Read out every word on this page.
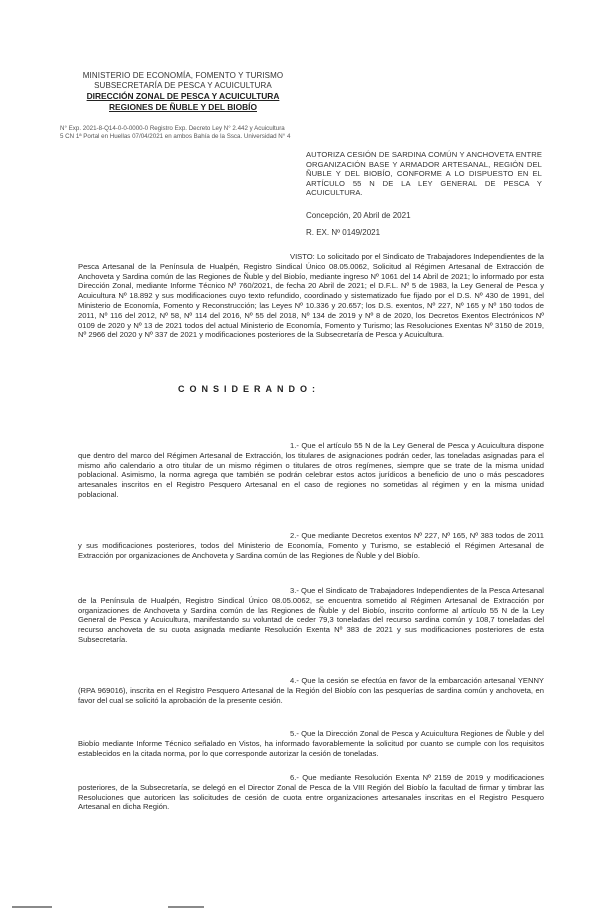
MINISTERIO DE ECONOMÍA, FOMENTO Y TURISMO
SUBSECRETARÍA DE PESCA Y ACUICULTURA
DIRECCIÓN ZONAL DE PESCA Y ACUICULTURA
REGIONES DE ÑUBLE Y DEL BIOBÍO
N° Exp. 2021-8-Q14-0-0-0000-0 Registro Exp. Decreto Ley N° 2.442 y Acuicultura
5 CN 1ª Portal en Huellas 07/04/2021 en ambos Bahía de la Ssca. Universidad N° 4
AUTORIZA CESIÓN DE SARDINA COMÚN Y ANCHOVETA ENTRE ORGANIZACIÓN BASE Y ARMADOR ARTESANAL, REGIÓN DEL ÑUBLE Y DEL BIOBÍO, CONFORME A LO DISPUESTO EN EL ARTÍCULO 55 N DE LA LEY GENERAL DE PESCA Y ACUICULTURA.
Concepción, 20 Abril de 2021
R. EX. Nº 0149/2021
VISTO: Lo solicitado por el Sindicato de Trabajadores Independientes de la Pesca Artesanal de la Península de Hualpén, Registro Sindical Único 08.05.0062, Solicitud al Régimen Artesanal de Extracción de Anchoveta y Sardina común de las Regiones de Ñuble y del Biobío, mediante ingreso Nº 1061 del 14 Abril de 2021; lo informado por esta Dirección Zonal, mediante Informe Técnico Nº 760/2021, de fecha 20 Abril de 2021; el D.F.L. Nº 5 de 1983, la Ley General de Pesca y Acuicultura Nº 18.892 y sus modificaciones cuyo texto refundido, coordinado y sistematizado fue fijado por el D.S. Nº 430 de 1991, del Ministerio de Economía, Fomento y Reconstrucción; las Leyes Nº 10.336 y 20.657; los D.S. exentos, Nº 227, Nº 165 y Nº 150 todos de 2011, Nº 116 del 2012, Nº 58, Nº 114 del 2016, Nº 55 del 2018, Nº 134 de 2019 y Nº 8 de 2020, los Decretos Exentos Electrónicos Nº 0109 de 2020 y Nº 13 de 2021 todos del actual Ministerio de Economía, Fomento y Turismo; las Resoluciones Exentas Nº 3150 de 2019, Nº 2966 del 2020 y Nº 337 de 2021 y modificaciones posteriores de la Subsecretaría de Pesca y Acuicultura.
CONSIDERANDO:
1.- Que el artículo 55 N de la Ley General de Pesca y Acuicultura dispone que dentro del marco del Régimen Artesanal de Extracción, los titulares de asignaciones podrán ceder, las toneladas asignadas para el mismo año calendario a otro titular de un mismo régimen o titulares de otros regímenes, siempre que se trate de la misma unidad poblacional. Asimismo, la norma agrega que también se podrán celebrar estos actos jurídicos a beneficio de uno o más pescadores artesanales inscritos en el Registro Pesquero Artesanal en el caso de regiones no sometidas al régimen y en la misma unidad poblacional.
2.- Que mediante Decretos exentos Nº 227, Nº 165, Nº 383 todos de 2011 y sus modificaciones posteriores, todos del Ministerio de Economía, Fomento y Turismo, se estableció el Régimen Artesanal de Extracción por organizaciones de Anchoveta y Sardina común de las Regiones de Ñuble y del Biobío.
3.- Que el Sindicato de Trabajadores Independientes de la Pesca Artesanal de la Península de Hualpén, Registro Sindical Único 08.05.0062, se encuentra sometido al Régimen Artesanal de Extracción por organizaciones de Anchoveta y Sardina común de las Regiones de Ñuble y del Biobío, inscrito conforme al artículo 55 N de la Ley General de Pesca y Acuicultura, manifestando su voluntad de ceder 79,3 toneladas del recurso sardina común y 108,7 toneladas del recurso anchoveta de su cuota asignada mediante Resolución Exenta Nº 383 de 2021 y sus modificaciones posteriores de esta Subsecretaría.
4.- Que la cesión se efectúa en favor de la embarcación artesanal YENNY (RPA 969016), inscrita en el Registro Pesquero Artesanal de la Región del Biobío con las pesquerías de sardina común y anchoveta, en favor del cual se solicitó la aprobación de la presente cesión.
5.- Que la Dirección Zonal de Pesca y Acuicultura Regiones de Ñuble y del Biobío mediante Informe Técnico señalado en Vistos, ha informado favorablemente la solicitud por cuanto se cumple con los requisitos establecidos en la citada norma, por lo que corresponde autorizar la cesión de toneladas.
6.- Que mediante Resolución Exenta Nº 2159 de 2019 y modificaciones posteriores, de la Subsecretaría, se delegó en el Director Zonal de Pesca de la VIII Región del Biobío la facultad de firmar y timbrar las Resoluciones que autoricen las solicitudes de cesión de cuota entre organizaciones artesanales inscritas en el Registro Pesquero Artesanal en dicha Región.
